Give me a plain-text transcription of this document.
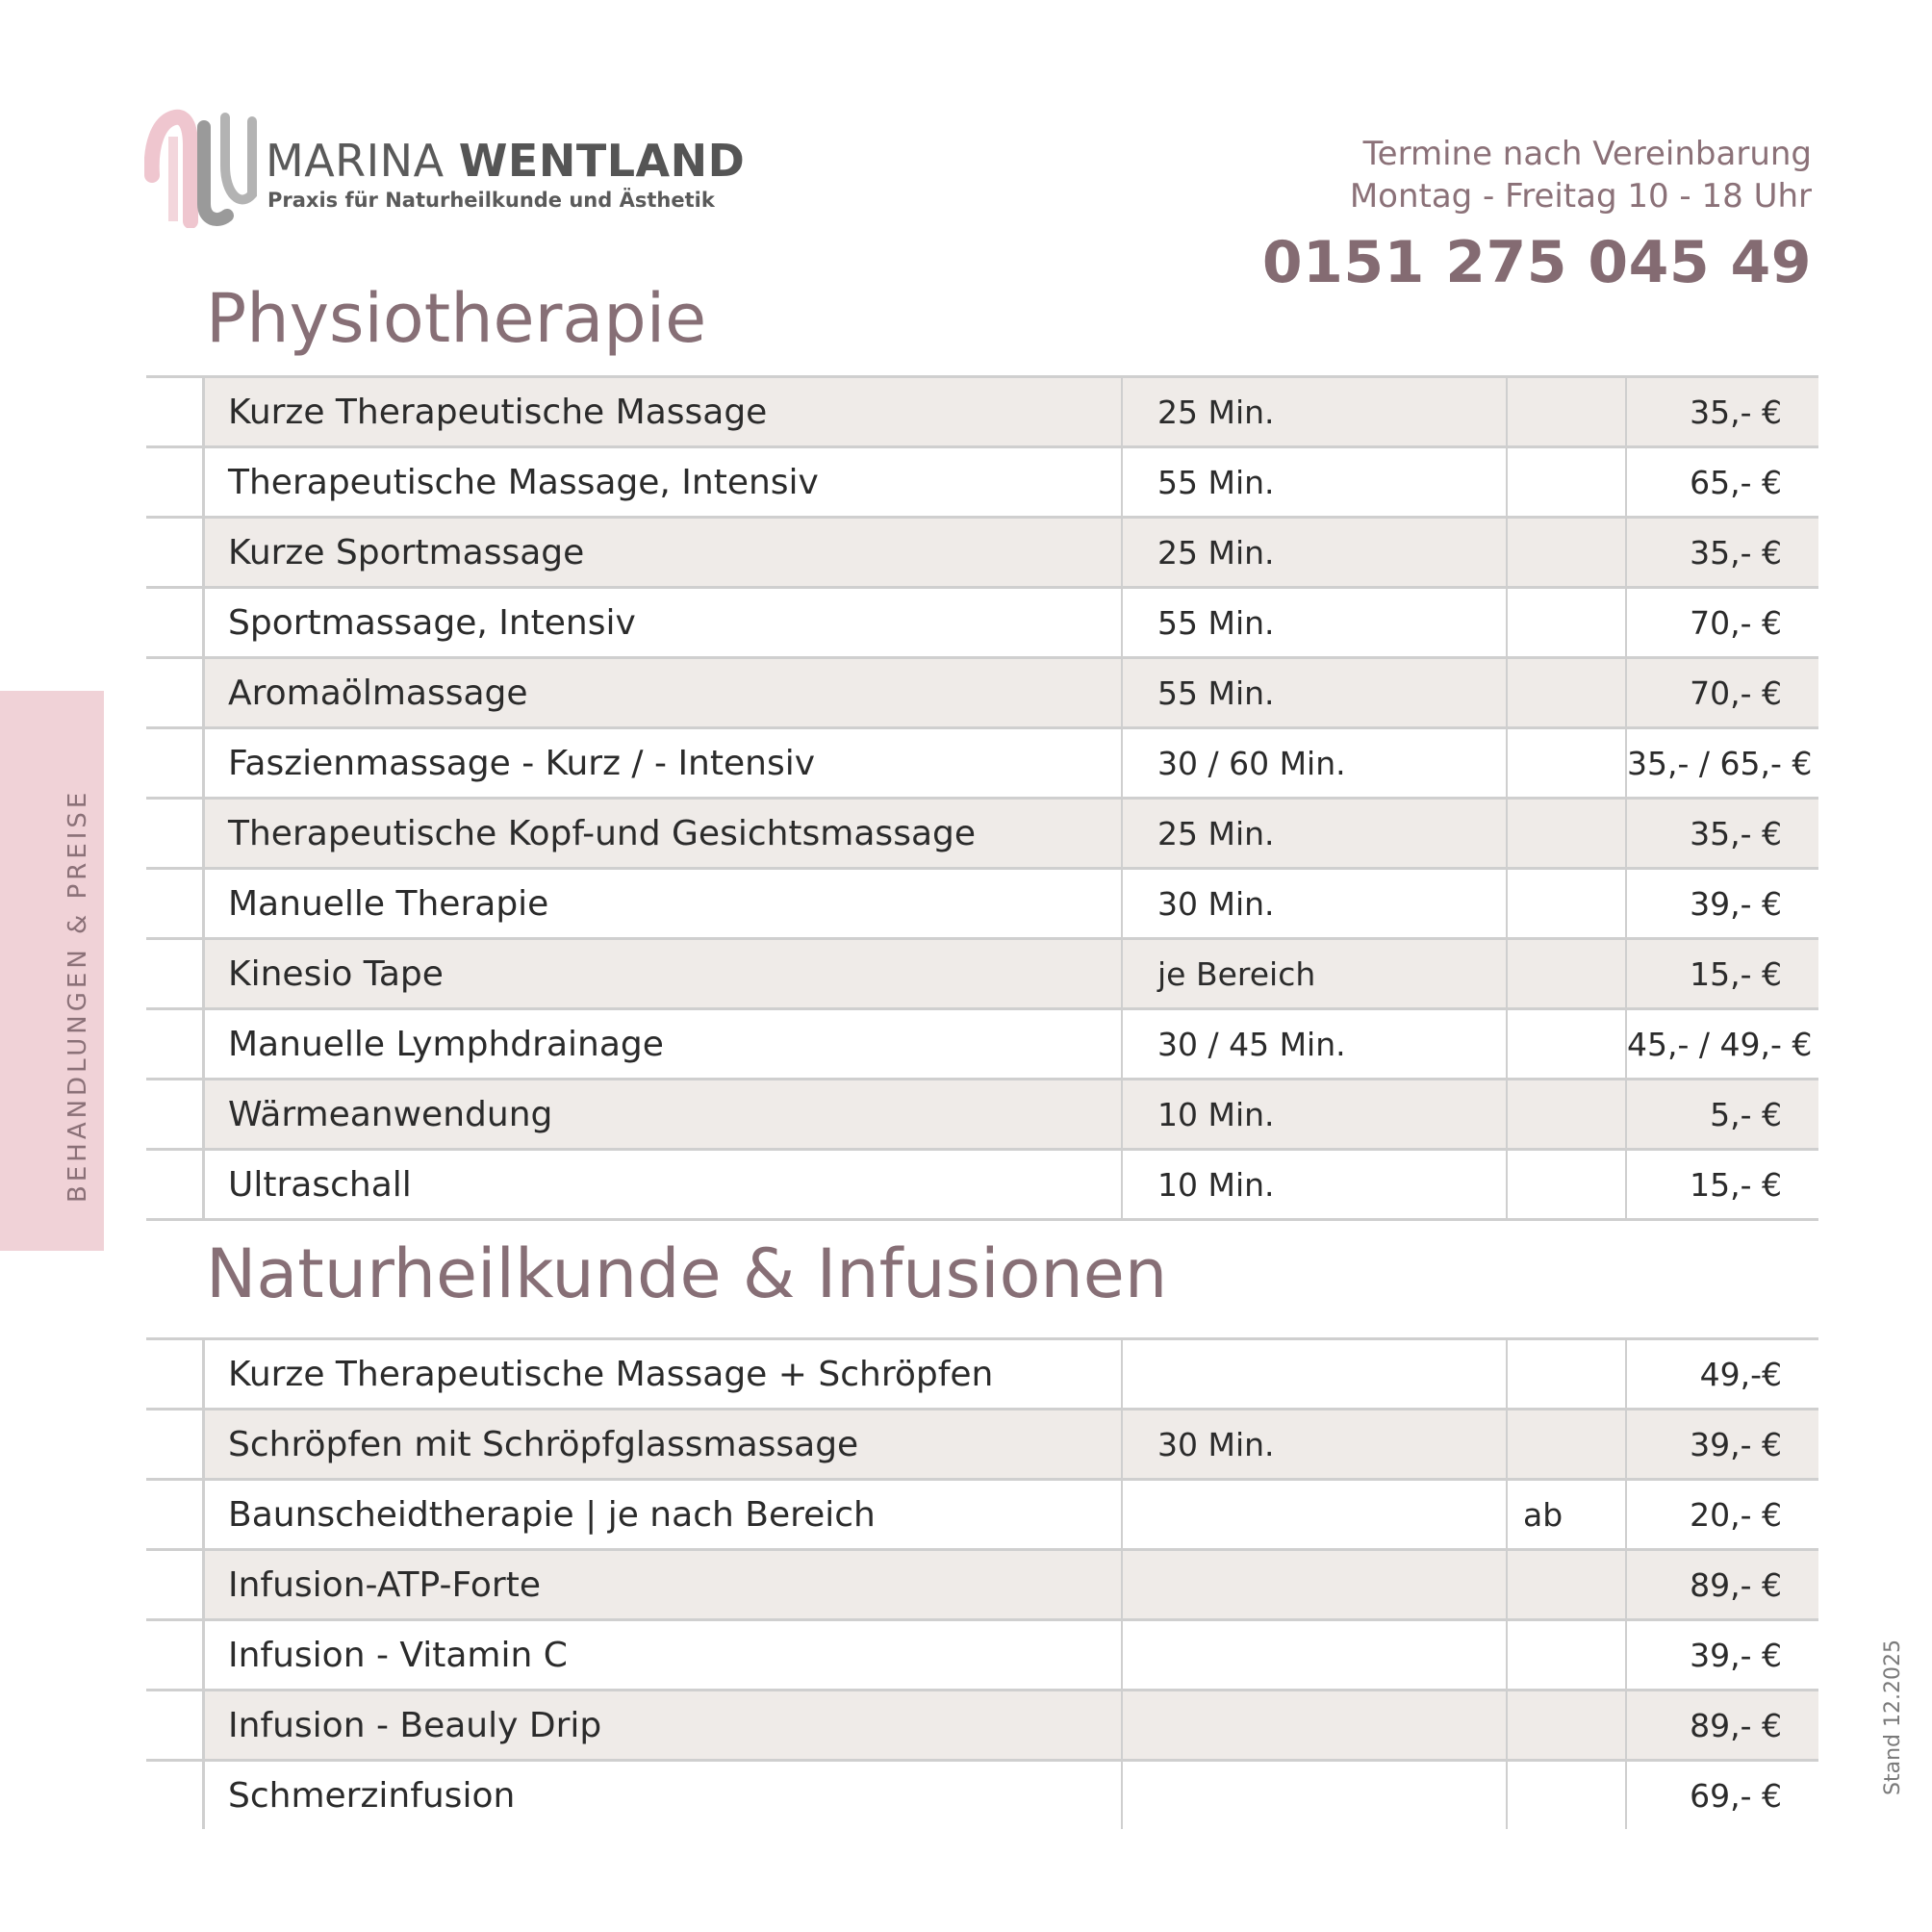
MARINA WENTLAND
Praxis für Naturheilkunde und Ästhetik
Termine nach Vereinbarung
Montag - Freitag 10 - 18 Uhr
0151 275 045 49
BEHANDLUNGEN & PREISE
Physiotherapie
	Kurze Therapeutische Massage	25 Min.		35,- €
	Therapeutische Massage, Intensiv	55 Min.		65,- €
	Kurze Sportmassage	25 Min.		35,- €
	Sportmassage, Intensiv	55 Min.		70,- €
	Aromaölmassage	55 Min.		70,- €
	Faszienmassage - Kurz / - Intensiv	30 / 60 Min.		35,- / 65,- €
	Therapeutische Kopf-und Gesichtsmassage	25 Min.		35,- €
	Manuelle Therapie	30 Min.		39,- €
	Kinesio Tape	je Bereich		15,- €
	Manuelle Lymphdrainage	30 / 45 Min.		45,- / 49,- €
	Wärmeanwendung	10 Min.		5,- €
	Ultraschall	10 Min.		15,- €
Naturheilkunde & Infusionen
	Kurze Therapeutische Massage + Schröpfen			49,-€
	Schröpfen mit Schröpfglassmassage	30 Min.		39,- €
	Baunscheidtherapie | je nach Bereich		ab	20,- €
	Infusion-ATP-Forte			89,- €
	Infusion - Vitamin C			39,- €
	Infusion - Beauly Drip			89,- €
	Schmerzinfusion			69,- €	Stand 12.2025
